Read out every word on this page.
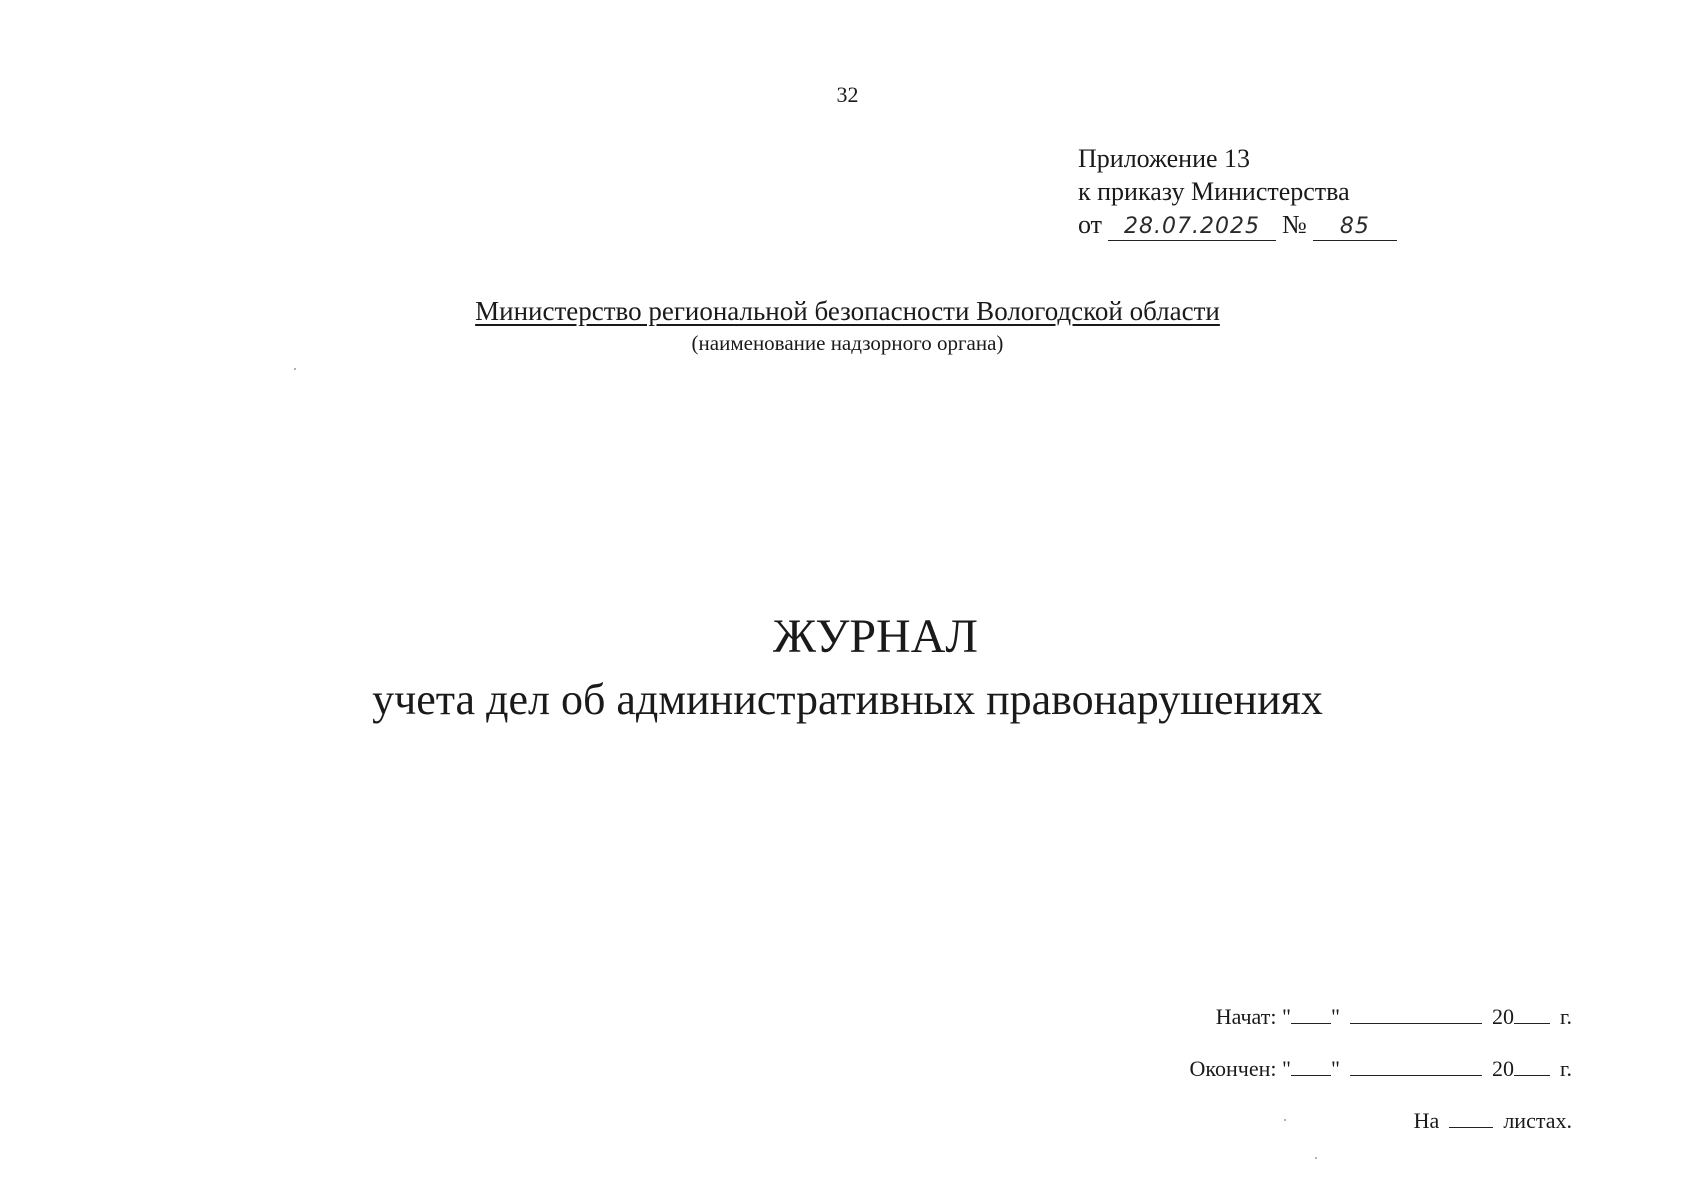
32
Приложение 13
к приказу Министерства
от 28.07.2025 № 85
Министерство региональной безопасности Вологодской области
(наименование надзорного органа)
ЖУРНАЛ
учета дел об административных правонарушениях
Начат: " "	20 г.
Окончен: " "	20 г.
На	листах.
